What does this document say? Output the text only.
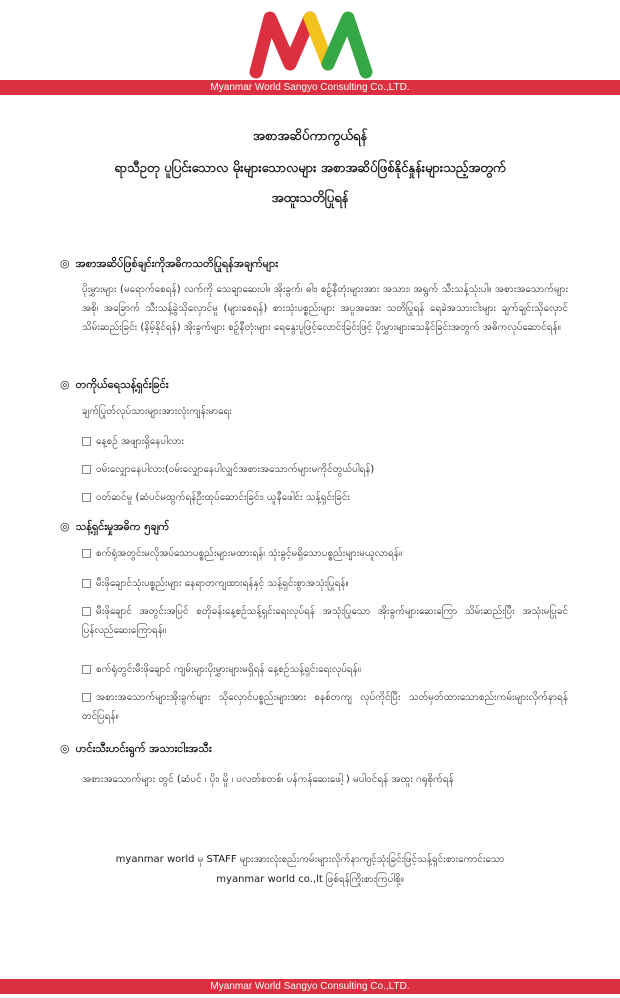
Myanmar World Sangyo Consulting Co.,LTD.
အစာအဆိပ်ကာကွယ်ရန်
ရာသီဥတု ပူပြင်းသောလ မိုးများသောလများ အစာအဆိပ်ဖြစ်နိုင်နှုန်းများသည့်အတွက်
အထူးသတိပြုရန်
◎ အစာအဆိပ်ဖြစ်ချင်းကိုအဓိကသတိပြုရန်အချက်များ
ပိုးမွှားများ (မရောက်စေရန်) လက်ကို သေချာဆေးပါ။ အိုးခွက်၊ ဓါး၊ စဥ့်နီတုံးများအား အသား၊ အရွက် သီးသန့်သုံးပါ။ အစားအသောက်များ အစို၊ အခြောက် သီးသန့်ခွဲသိုလှောင်မှု (များစေရန်) စားသုံးပစ္စည်းများ အပူအအေး သတိပြုရန် ရေခဲအသားငါးများ ချက်ချင်းသိုလှောင်သိမ်းဆည်းခြင်း (နိမ့်နိုင်ရန်) အိုးခွက်များ စဥ့်နီတုံးများ ရေနွေးပူဖြင့်လောင်းခြင်းဖြင့် ပိုးမွှားများသေနိုင်ခြင်းအတွက် အဓိကလုပ်ဆောင်ရန်။
◎ တကိုယ်ရေသန့်ရှင်းခြင်း
ချက်ပြုတ်လုပ်သားများအားလုံးကျန်းမာရေး
နေ့စဥ် အဖျားရှိနေပါလား
ဝမ်းလျှောနေပါလား(ဝမ်းလျှောနေပါလျှင်အစားအသောက်များမကိုင်တွယ်ပါရန်)
ဝတ်ဆင်မှု (ဆံပင်မထွက်ရန်ဦးထုပ်ဆောင်းခြင်း၊ ယူနီဖေါင်း သန့်ရှင်းခြင်း
◎ သန့်ရှင်းမှုအဓိက ၅ချက်
စက်ရုံအတွင်းမလိုအပ်သောပစ္စည်းများမထားရန်၊ သုံးခွင့်မရှိသောပစ္စည်းများမယူလာရန်။
မီးဖိုချောင်သုံးပစ္စည်းများ နေရာတကျထားရန်နှင့် သန့်ရှင်းစွာအသုံးပြုရန်။
မီးဖိုချောင် အတွင်းအပြင် စတိုခန်းနေ့စဥ်သန့်ရှင်းရေးလုပ်ရန် အသုံးပြုသော အိုးခွက်များဆေးကြော သိမ်းဆည်းပြီး အသုံးမပြုခင်ပြန်လည်ဆေးကြောရန်။
စက်ရုံတွင်းမီးဖိုချောင် ကျမ်းများပိုးမွှားများမရှိရန် နေ့စဥ်သန့်ရှင်းရေးလုပ်ရန်။
အစားအသောက်များအိုးခွက်များ သိုလှောင်ပစ္စည်းများအား စနစ်တကျ လုပ်ကိုင်ပြီး သတ်မှတ်ထားသောစည်းကမ်းများလိုက်နာရန် တင်ပြရန်။
◎ ဟင်းသီးဟင်းရွက် အသားငါးအသီး
အစားအသောက်များ တွင် (ဆံပင် ၊ ပိုး၊ မှို ၊ ပလတ်စတစ်၊ ပန်ကန်ဆေးဖေါ့ ) မပါဝင်ရန် အထူး ဂရုစိုက်ရန်
myanmar world မှ STAFF များအားလုံးစည်းကမ်းများလိုက်နာကျင့်သုံးခြင်းဖြင့်သန့်ရှင်းစားကောင်းသော
myanmar world co.,lt ဖြစ်ရန်ကြိုးစားကြပါစို့။
Myanmar World Sangyo Consulting Co.,LTD.
